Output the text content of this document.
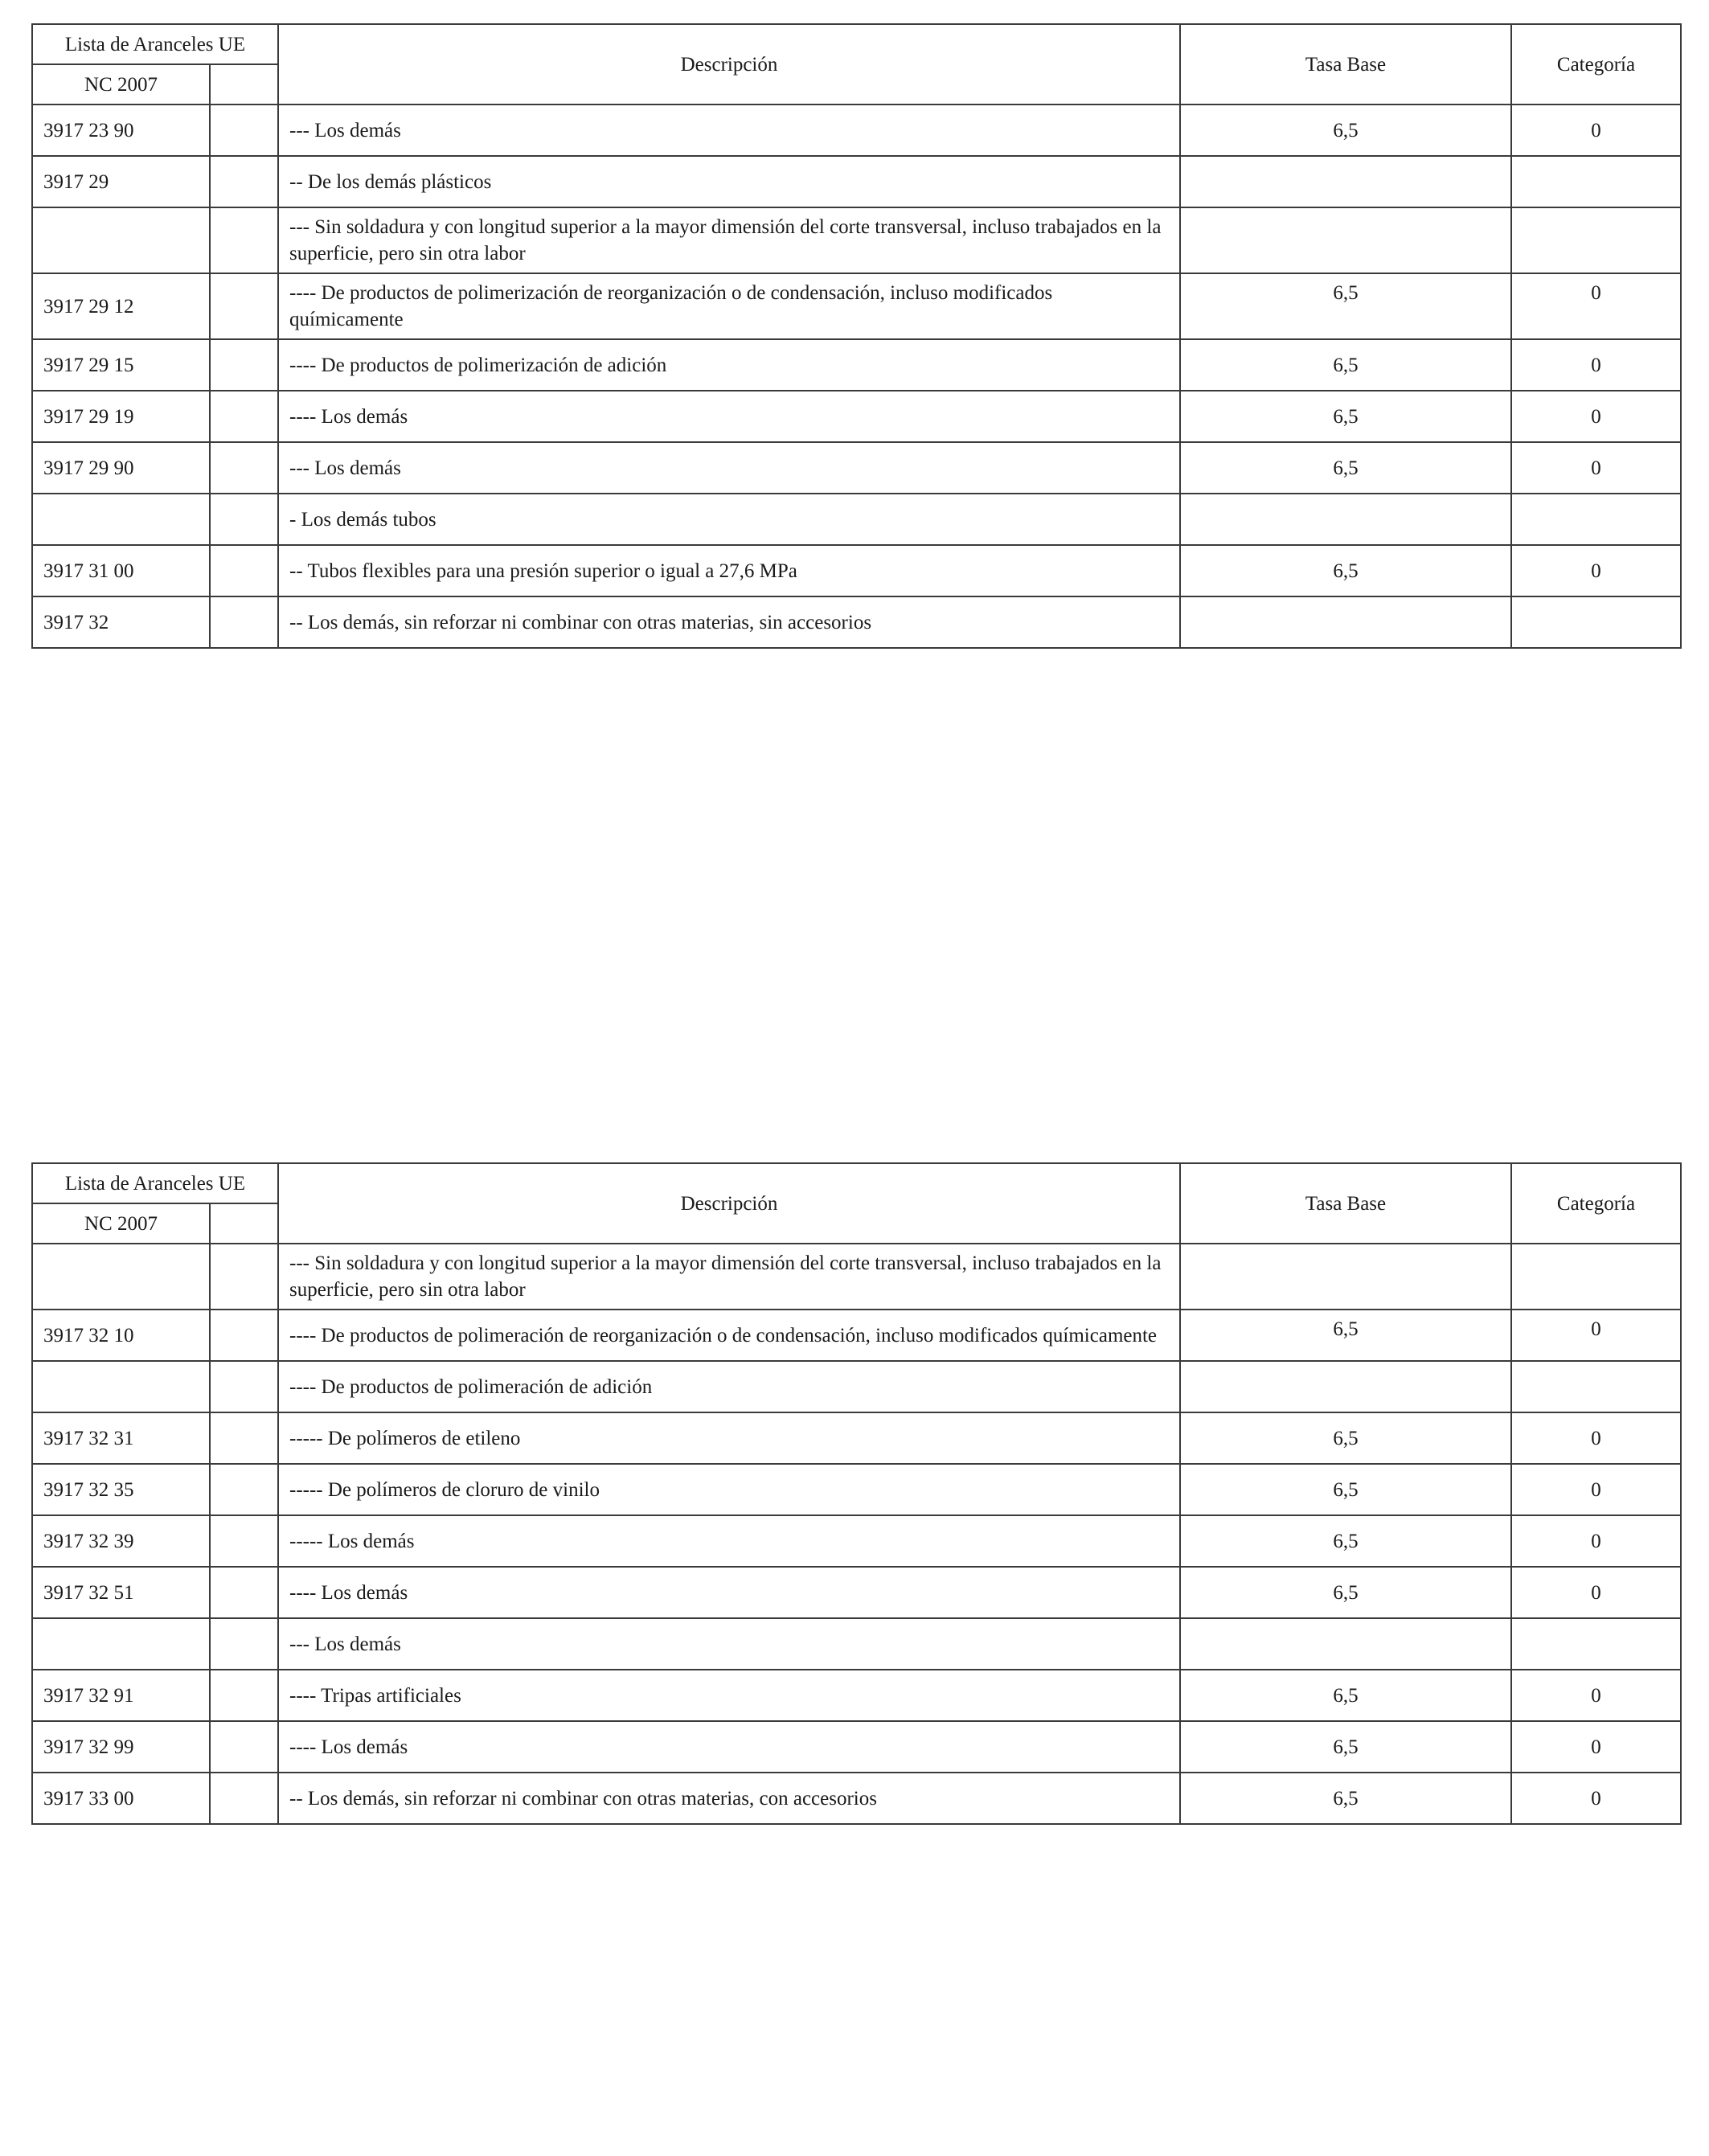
Lista de Aranceles UE		Descripción	Tasa Base	Categoría
NC 2007				
3917 23 90		--- Los demás	6,5	0
3917 29		-- De los demás plásticos		
		--- Sin soldadura y con longitud superior a la mayor dimensión del corte transversal, incluso trabajados en la superficie, pero sin otra labor		
3917 29 12		---- De productos de polimerización de reorganización o de condensación, incluso modificados químicamente	6,5	0
3917 29 15		---- De productos de polimerización de adición	6,5	0
3917 29 19		---- Los demás	6,5	0
3917 29 90		--- Los demás	6,5	0
		- Los demás tubos		
3917 31 00		-- Tubos flexibles para una presión superior o igual a 27,6 MPa	6,5	0
3917 32		-- Los demás, sin reforzar ni combinar con otras materias, sin accesorios		
Lista de Aranceles UE		Descripción	Tasa Base	Categoría
NC 2007				
		--- Sin soldadura y con longitud superior a la mayor dimensión del corte transversal, incluso trabajados en la superficie, pero sin otra labor		
3917 32 10		---- De productos de polimeración de reorganización o de condensación, incluso modificados químicamente	6,5	0
		---- De productos de polimeración de adición		
3917 32 31		----- De polímeros de etileno	6,5	0
3917 32 35		----- De polímeros de cloruro de vinilo	6,5	0
3917 32 39		----- Los demás	6,5	0
3917 32 51		---- Los demás	6,5	0
		--- Los demás		
3917 32 91		---- Tripas artificiales	6,5	0
3917 32 99		---- Los demás	6,5	0
3917 33 00		-- Los demás, sin reforzar ni combinar con otras materias, con accesorios	6,5	0
